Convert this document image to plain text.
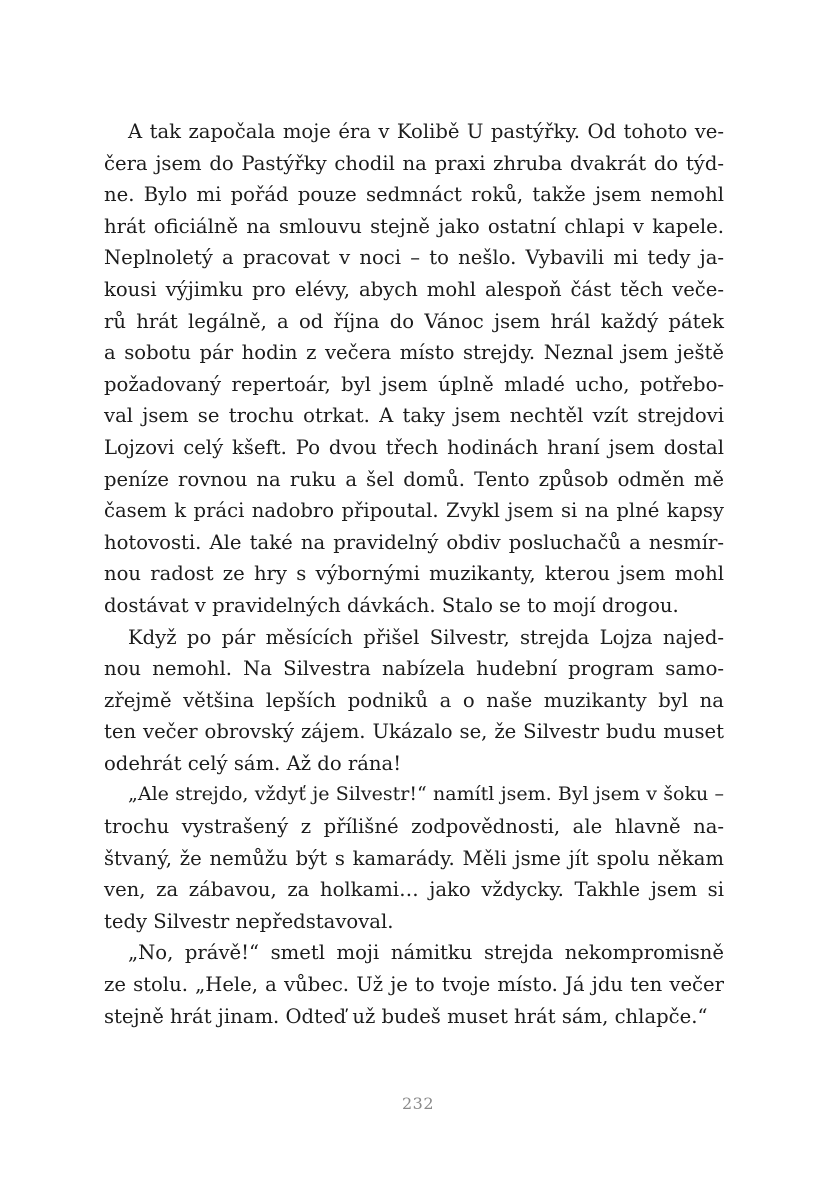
A tak započala moje éra v Kolibě U pastýřky. Od tohoto ve-
čera jsem do Pastýřky chodil na praxi zhruba dvakrát do týd-
ne. Bylo mi pořád pouze sedmnáct roků, takže jsem nemohl
hrát oficiálně na smlouvu stejně jako ostatní chlapi v kapele.
Neplnoletý a pracovat v noci – to nešlo. Vybavili mi tedy ja-
kousi výjimku pro elévy, abych mohl alespoň část těch veče-
rů hrát legálně, a od října do Vánoc jsem hrál každý pátek
a sobotu pár hodin z večera místo strejdy. Neznal jsem ještě
požadovaný repertoár, byl jsem úplně mladé ucho, potřebo-
val jsem se trochu otrkat. A taky jsem nechtěl vzít strejdovi
Lojzovi celý kšeft. Po dvou třech hodinách hraní jsem dostal
peníze rovnou na ruku a šel domů. Tento způsob odměn mě
časem k práci nadobro připoutal. Zvykl jsem si na plné kapsy
hotovosti. Ale také na pravidelný obdiv posluchačů a nesmír-
nou radost ze hry s výbornými muzikanty, kterou jsem mohl
dostávat v pravidelných dávkách. Stalo se to mojí drogou.
Když po pár měsících přišel Silvestr, strejda Lojza najed-
nou nemohl. Na Silvestra nabízela hudební program samo-
zřejmě většina lepších podniků a o naše muzikanty byl na
ten večer obrovský zájem. Ukázalo se, že Silvestr budu muset
odehrát celý sám. Až do rána!
„Ale strejdo, vždyť je Silvestr!“ namítl jsem. Byl jsem v šoku –
trochu vystrašený z přílišné zodpovědnosti, ale hlavně na-
štvaný, že nemůžu být s kamarády. Měli jsme jít spolu někam
ven, za zábavou, za holkami… jako vždycky. Takhle jsem si
tedy Silvestr nepředstavoval.
„No, právě!“ smetl moji námitku strejda nekompromisně
ze stolu. „Hele, a vůbec. Už je to tvoje místo. Já jdu ten večer
stejně hrát jinam. Odteď už budeš muset hrát sám, chlapče.“
232
